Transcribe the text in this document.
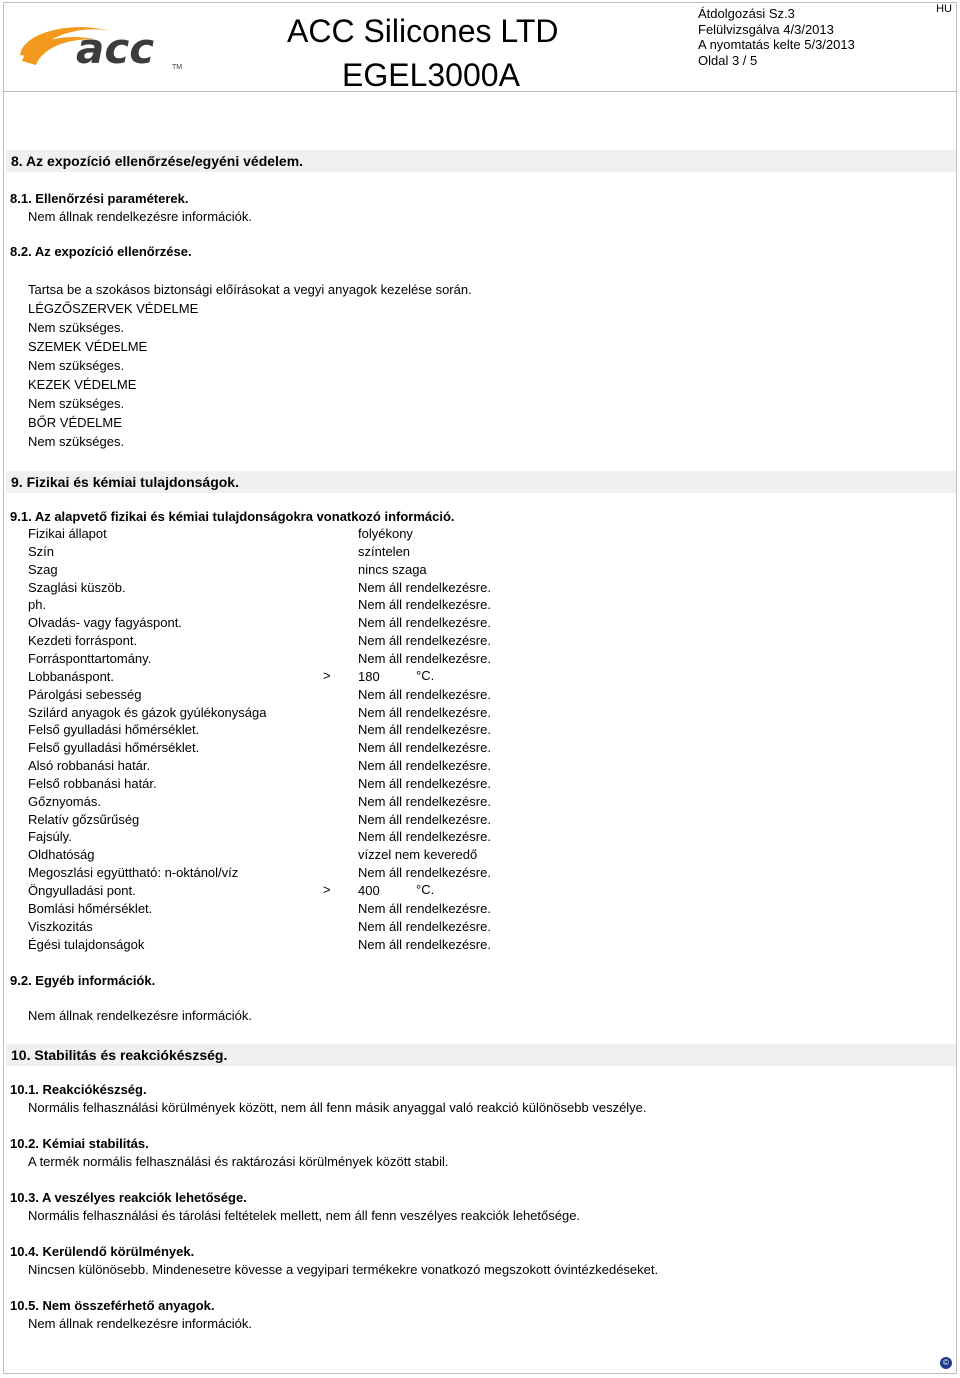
acc	TM
ACC Silicones LTD
EGEL3000A
Átdolgozási Sz.3
Felülvizsgálva 4/3/2013
A nyomtatás kelte 5/3/2013
Oldal 3 / 5
HU
8. Az expozíció ellenőrzése/egyéni védelem.
8.1. Ellenőrzési paraméterek.
Nem állnak rendelkezésre információk.
8.2. Az expozíció ellenőrzése.
Tartsa be a szokásos biztonsági előírásokat a vegyi anyagok kezelése során.
LÉGZŐSZERVEK VÉDELME
Nem szükséges.
SZEMEK VÉDELME
Nem szükséges.
KEZEK VÉDELME
Nem szükséges.
BŐR VÉDELME
Nem szükséges.
9. Fizikai és kémiai tulajdonságok.
9.1. Az alapvető fizikai és kémiai tulajdonságokra vonatkozó információ.
Fizikai állapot	folyékony
Szín	színtelen
Szag	nincs szaga
Szaglási küszöb.	Nem áll rendelkezésre.
ph.	Nem áll rendelkezésre.
Olvadás- vagy fagyáspont.	Nem áll rendelkezésre.
Kezdeti forráspont.	Nem áll rendelkezésre.
Forrásponttartomány.	Nem áll rendelkezésre.
Lobbanáspont.	> 180	°C.
Párolgási sebesség	Nem áll rendelkezésre.
Szilárd anyagok és gázok gyúlékonysága	Nem áll rendelkezésre.
Felső gyulladási hőmérséklet.	Nem áll rendelkezésre.
Felső gyulladási hőmérséklet.	Nem áll rendelkezésre.
Alsó robbanási határ.	Nem áll rendelkezésre.
Felső robbanási határ.	Nem áll rendelkezésre.
Gőznyomás.	Nem áll rendelkezésre.
Relatív gőzsűrűség	Nem áll rendelkezésre.
Fajsúly.	Nem áll rendelkezésre.
Oldhatóság	vízzel nem keveredő
Megoszlási együttható: n-oktánol/víz	Nem áll rendelkezésre.
Öngyulladási pont.	> 400	°C.
Bomlási hőmérséklet.	Nem áll rendelkezésre.
Viszkozitás	Nem áll rendelkezésre.
Égési tulajdonságok	Nem áll rendelkezésre.
9.2. Egyéb információk.
Nem állnak rendelkezésre információk.
10. Stabilitás és reakciókészség.
10.1. Reakciókészség.
Normális felhasználási körülmények között, nem áll fenn másik anyaggal való reakció különösebb veszélye.
10.2. Kémiai stabilitás.
A termék normális felhasználási és raktározási körülmények között stabil.
10.3. A veszélyes reakciók lehetősége.
Normális felhasználási és tárolási feltételek mellett, nem áll fenn veszélyes reakciók lehetősége.
10.4. Kerülendő körülmények.
Nincsen különösebb. Mindenesetre kövesse a vegyipari termékekre vonatkozó megszokott óvintézkedéseket.
10.5. Nem összeférhető anyagok.
Nem állnak rendelkezésre információk.
©
